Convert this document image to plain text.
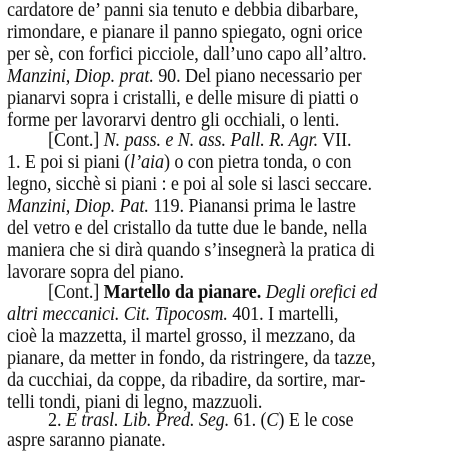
cardatore de’ panni sia tenuto e debbia dibarbare,
rimondare, e pianare il panno spiegato, ogni orice
per sè, con forfici picciole, dall’uno capo all’altro.
Manzini, Diop. prat. 90. Del piano necessario per
pianarvi sopra i cristalli, e delle misure di piatti o
forme per lavorarvi dentro gli occhiali, o lenti.
[Cont.] N. pass. e N. ass. Pall. R. Agr. VII.
1. E poi si piani (l’aia) o con pietra tonda, o con
legno, sicchè si piani : e poi al sole si lasci seccare.
Manzini, Diop. Pat. 119. Pianansi prima le lastre
del vetro e del cristallo da tutte due le bande, nella
maniera che si dirà quando s’insegnerà la pratica di
lavorare sopra del piano.
[Cont.] Martello da pianare. Degli orefici ed
altri meccanici. Cit. Tipocosm. 401. I martelli,
cioè la mazzetta, il martel grosso, il mezzano, da
pianare, da metter in fondo, da ristringere, da tazze,
da cucchiai, da coppe, da ribadire, da sortire, mar-
telli tondi, piani di legno, mazzuoli.
2. E trasl. Lib. Pred. Seg. 61. (C) E le cose
aspre saranno pianate.
